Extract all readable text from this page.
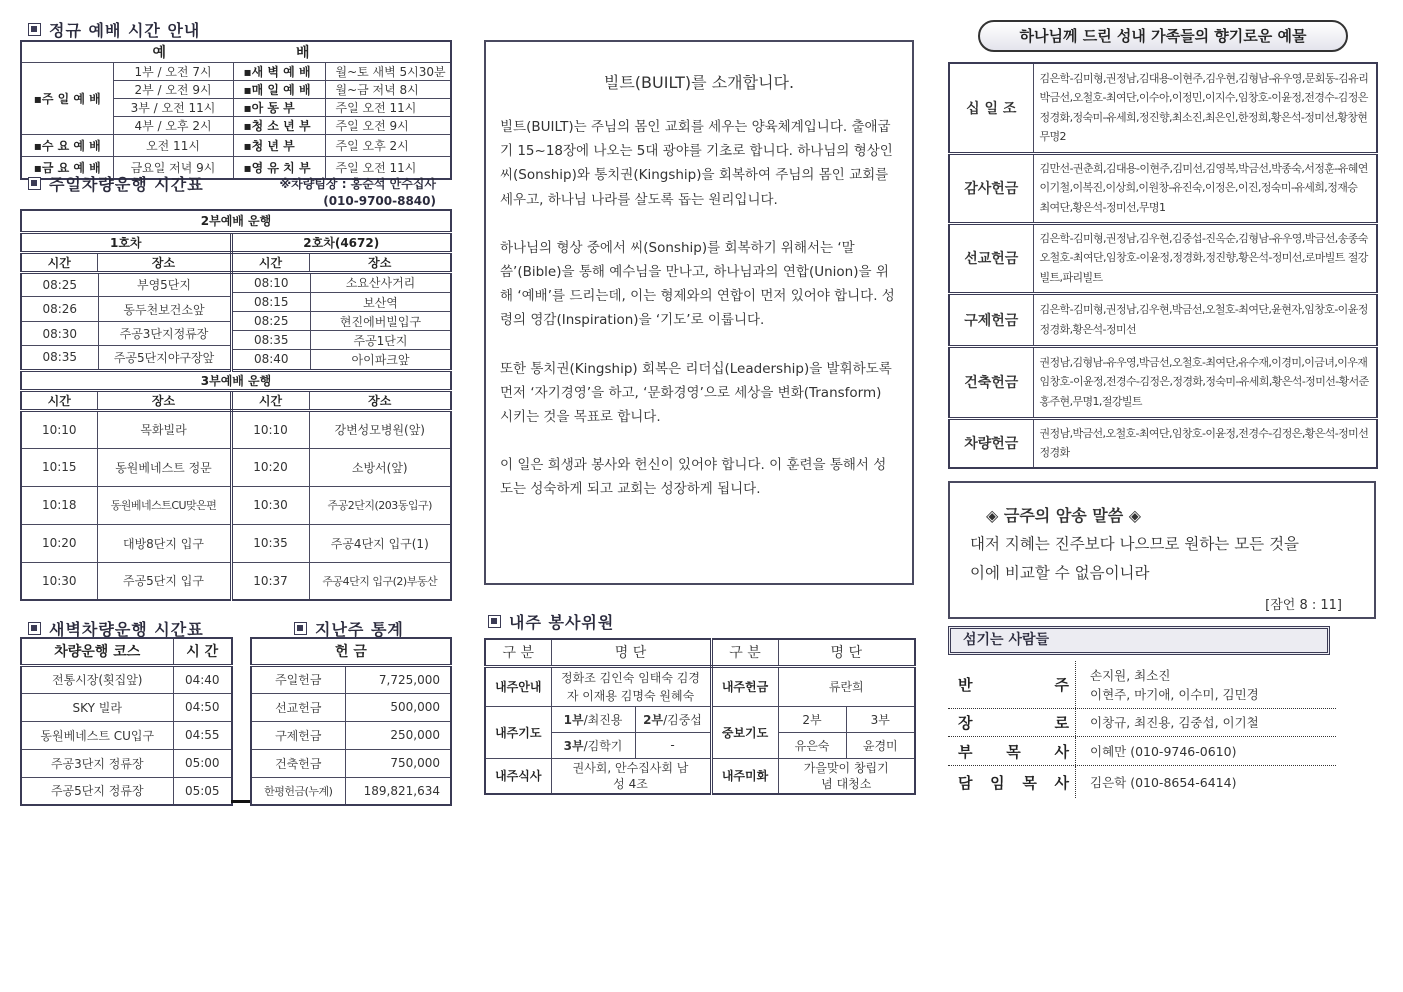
정규 예배 시간 안내
예 배			
▪주 일 예 배	1부 / 오전 7시	▪새 벽 예 배	월~토 새벽 5시30분
	2부 / 오전 9시	▪매 일 예 배	월~금 저녁 8시
	3부 / 오전 11시	▪아 동 부	주일 오전 11시
	4부 / 오후 2시	▪청 소 년 부	주일 오전 9시
▪수 요 예 배	오전 11시	▪청 년 부	주일 오후 2시
▪금 요 예 배	금요일 저녁 9시	▪영 유 치 부	주일 오전 11시
주일차량운행 시간표	※차량팀장 : 홍순석 안수집사
(010-9700-8840)
2부예배 운행
1호차	2호차(4672)
시간	장소	시간	장소

08:25	부영5단지
08:26	동두천보건소앞
08:30	주공3단지정류장
08:35	주공5단지야구장앞

08:10	소요산사거리
08:15	보산역
08:25	현진에버빌입구
08:35	주공1단지
08:40	아이파크앞

3부예배 운행
시간	장소	시간	장소
10:10	목화빌라	10:10	강변성모병원(앞)
10:15	동원베네스트 정문	10:20	소방서(앞)
10:18	동원베네스트CU맞은편	10:30	주공2단지(203동입구)
10:20	대방8단지 입구	10:35	주공4단지 입구(1)
10:30	주공5단지 입구	10:37	주공4단지 입구(2)부동산
새벽차량운행 시간표
차량운행 코스	시 간
전통시장(횟집앞)	04:40
SKY 빌라	04:50
동원베네스트 CU입구	04:55
주공3단지 정류장	05:00
주공5단지 정류장	05:05
지난주 통계
헌 금	
주일헌금	7,725,000
선교헌금	500,000
구제헌금	250,000
건축헌금	750,000
한평헌금(누계)	189,821,634
빌트(BUILT)를 소개합니다.

빌트(BUILT)는 주님의 몸인 교회를 세우는 양육체계입니다. 출애굽기 15~18장에 나오는 5대 광야를 기초로 합니다. 하나님의 형상인 씨(Sonship)와 통치권(Kingship)을 회복하여 주님의 몸인 교회를 세우고, 하나님 나라를 살도록 돕는 원리입니다.

하나님의 형상 중에서 씨(Sonship)를 회복하기 위해서는 ‘말씀’(Bible)을 통해 예수님을 만나고, 하나님과의 연합(Union)을 위해 ‘예배’를 드리는데, 이는 형제와의 연합이 먼저 있어야 합니다. 성령의 영감(Inspiration)을 ‘기도’로 이룹니다.

또한 통치권(Kingship) 회복은 리더십(Leadership)을 발휘하도록 먼저 ‘자기경영’을 하고, ‘문화경영’으로 세상을 변화(Transform) 시키는 것을 목표로 합니다.

이 일은 희생과 봉사와 헌신이 있어야 합니다. 이 훈련을 통해서 성도는 성숙하게 되고 교회는 성장하게 됩니다.

내주 봉사위원
구 분	명 단		구 분	명 단	
내주안내	정화조 김인숙 임태숙 김경자 이재용 김명숙 원혜숙		내주헌금	류란희	
내주기도	1부/최진용	2부/김중섭	중보기도	2부	3부
	3부/김학기	-		유은숙	윤경미
내주식사	권사회, 안수집사회 남성 4조		내주미화	가을맞이 창립기념 대청소	
하나님께 드린 성내 가족들의 향기로운 예물
십 일 조	김은학-김미형,권정남,김대용-이현주,김우현,김형남-유우영,문회동-김유리 박금선,오철호-최여단,이수아,이정민,이지수,임창호-이윤정,전경수-김정은 정경화,정숙미-유세희,정진향,최소진,최은인,한정희,황은석-정미선,황창현 무명2
감사헌금	김만선-권춘희,김대용-이현주,김미선,김영복,박금선,박종숙,서정훈-유혜연 이기철,이복진,이상희,이원창-유진숙,이정은,이진,정숙미-유세희,정재승 최여단,황은석-정미선,무명1
선교헌금	김은학-김미형,권정남,김우현,김중섭-진옥순,김형남-유우영,박금선,송종숙 오철호-최여단,임창호-이윤정,정경화,정진향,황은석-정미선,로마빌트 절강빌트,파리빌트
구제헌금	김은학-김미형,권정남,김우현,박금선,오철호-최여단,윤현자,임창호-이윤정 정경화,황은석-정미선
건축헌금	권정남,김형남-유우영,박금선,오철호-최여단,유수재,이경미,이금녀,이우재 임창호-이윤정,전경수-김정은,정경화,정숙미-유세희,황은석-정미선-황서준 홍주현,무명1,절강빌트
차량헌금	권정남,박금선,오철호-최여단,임창호-이윤정,전경수-김정은,황은석-정미선 정경화
◈ 금주의 암송 말씀 ◈
대저 지혜는 진주보다 나으므로 원하는 모든 것을
이에 비교할 수 없음이니라
[잠언 8 : 11]
섬기는 사람들
반	주
손지원, 최소진
이현주, 마기애, 이수미, 김민경
장	로 이창규, 최진용, 김중섭, 이기철
부 목 사 이혜만 (010-9746-0610)
담 임 목 사 김은학 (010-8654-6414)
